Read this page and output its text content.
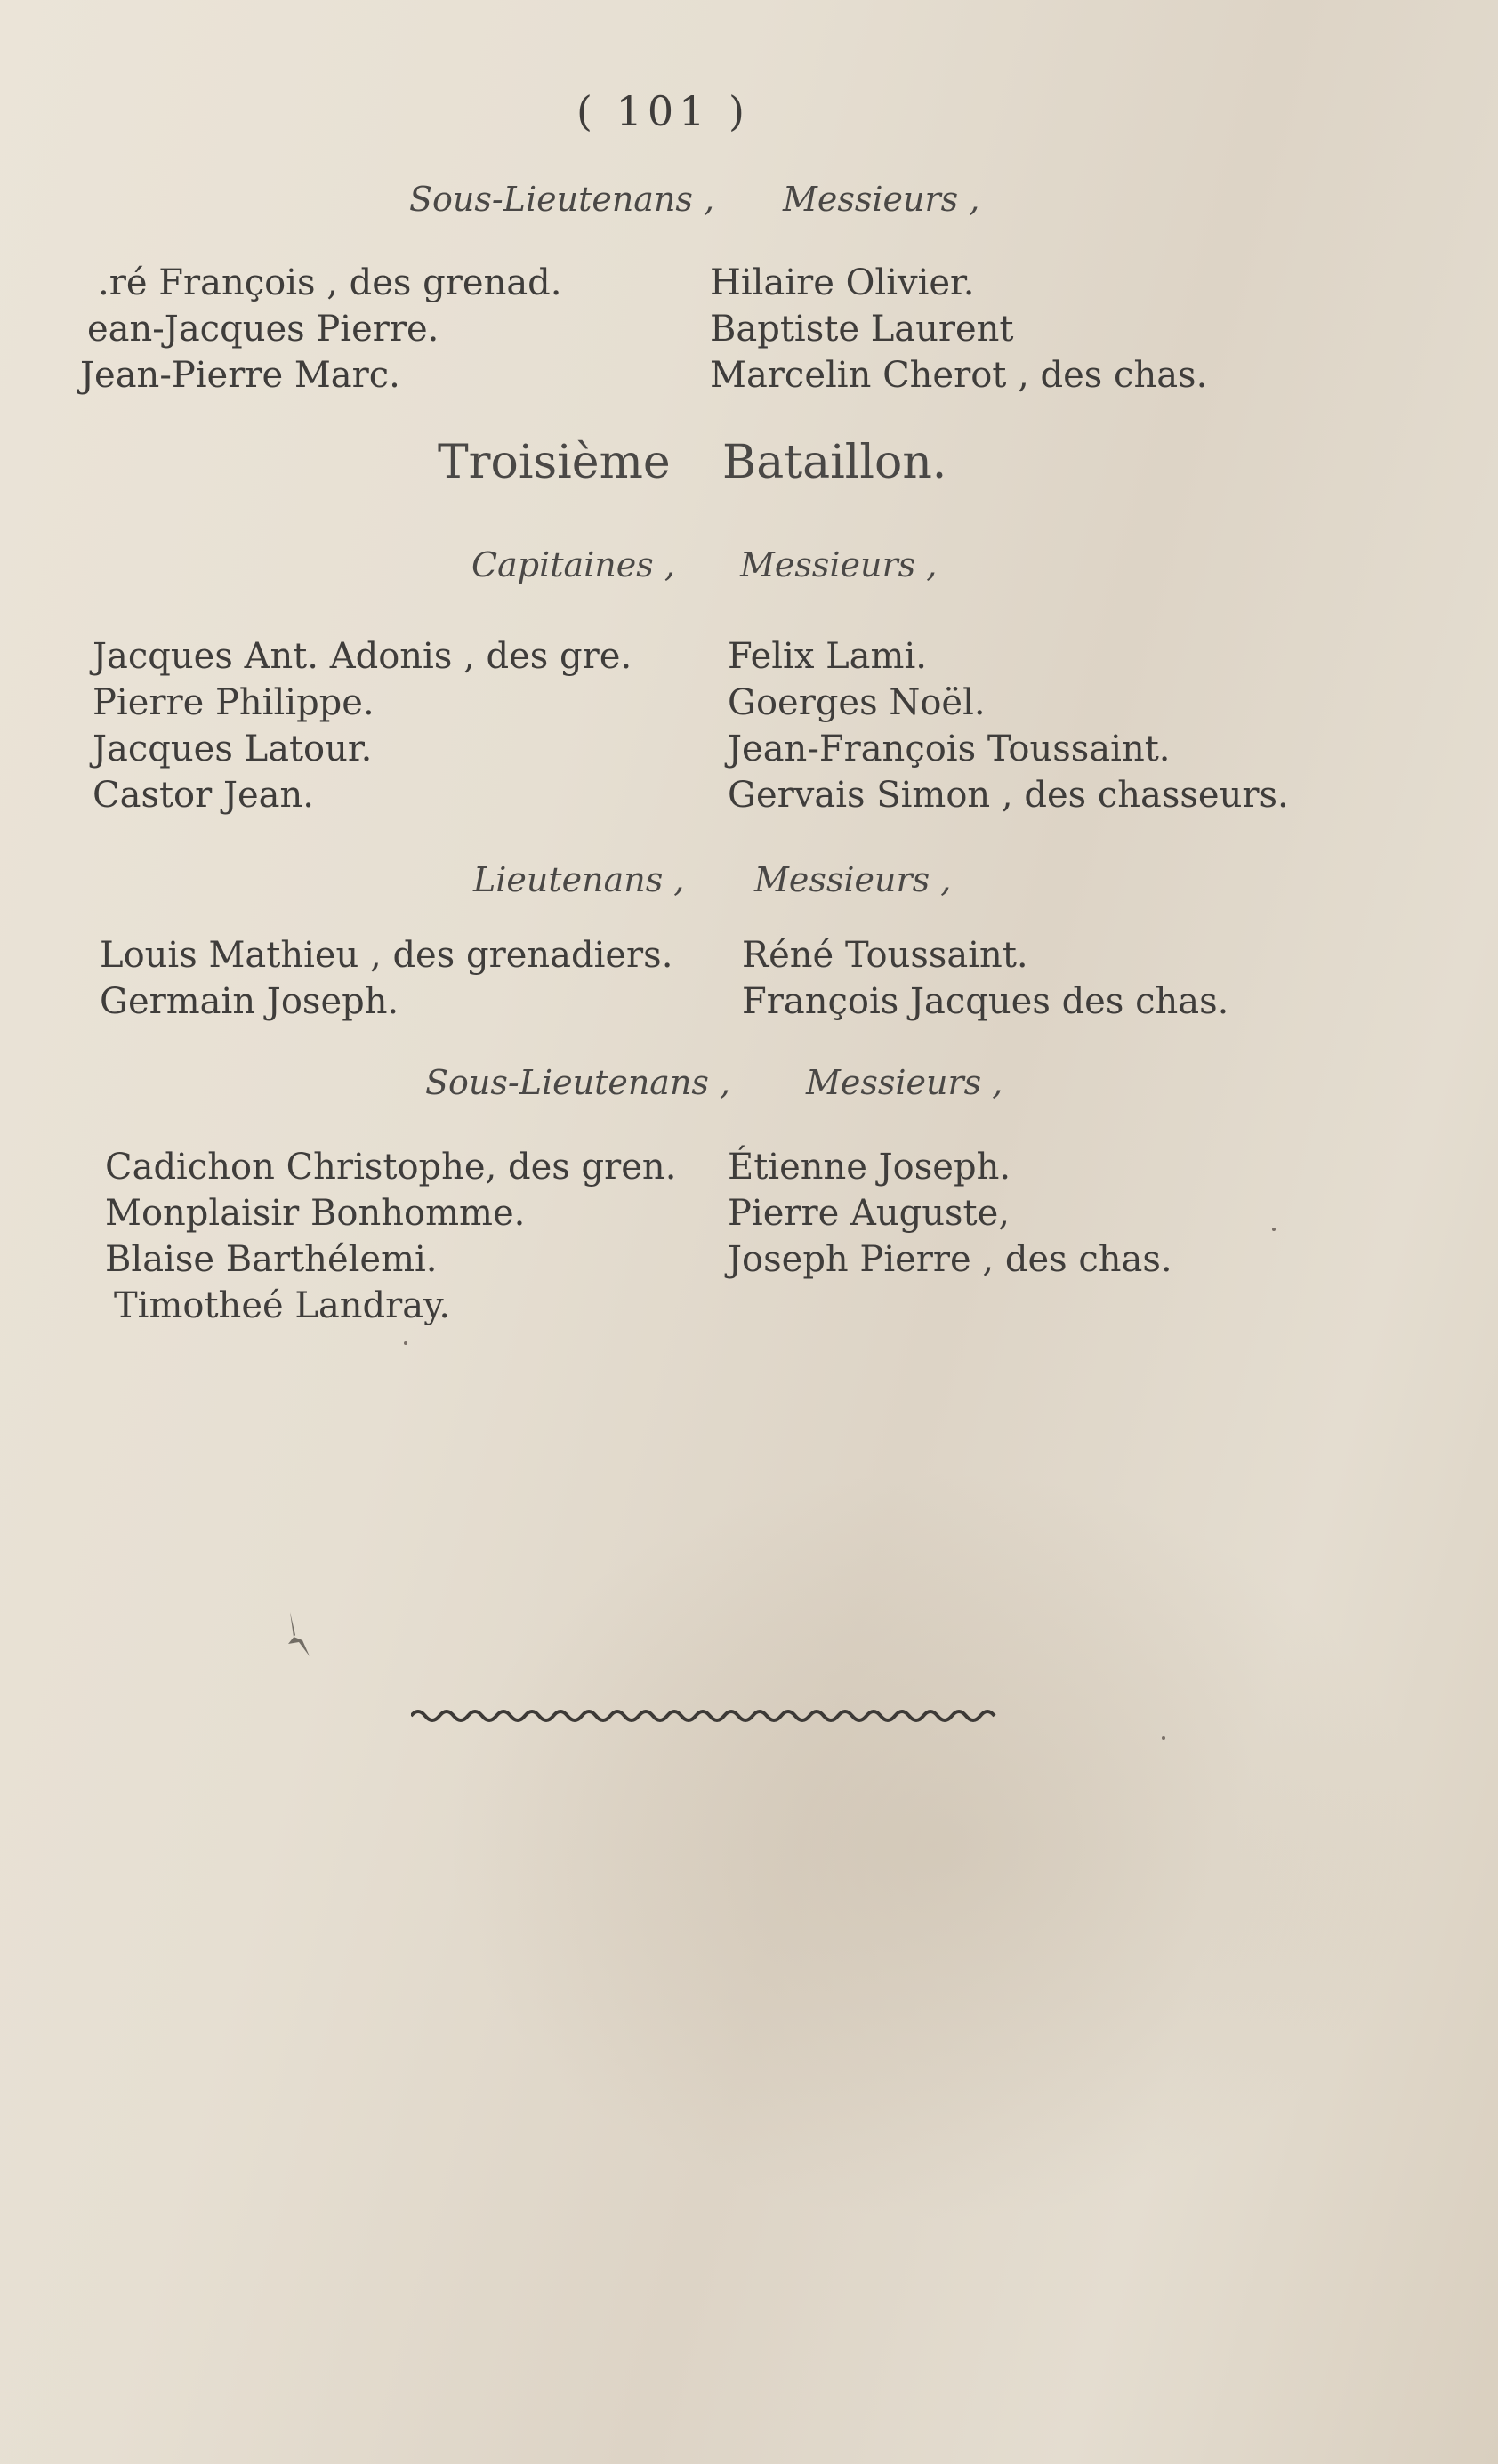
( 101 )
Sous-Lieutenans , Messieurs ,
.ré François , des grenad.
ean-Jacques Pierre.
Jean-Pierre Marc.
Hilaire Olivier.
Baptiste Laurent
Marcelin Cherot , des chas.
Troisième Bataillon.
Capitaines , Messieurs ,
Jacques Ant. Adonis , des gre.
Pierre Philippe.
Jacques Latour.
Castor Jean.
Felix Lami.
Goerges Noël.
Jean-François Toussaint.
Gervais Simon , des chasseurs.
Lieutenans , Messieurs ,
Louis Mathieu , des grenadiers.
Germain Joseph.
Réné Toussaint.
François Jacques des chas.
Sous-Lieutenans , Messieurs ,
Cadichon Christophe, des gren.
Monplaisir Bonhomme.
Blaise Barthélemi.
Timotheé Landray.
Étienne Joseph.
Pierre Auguste,
Joseph Pierre , des chas.
